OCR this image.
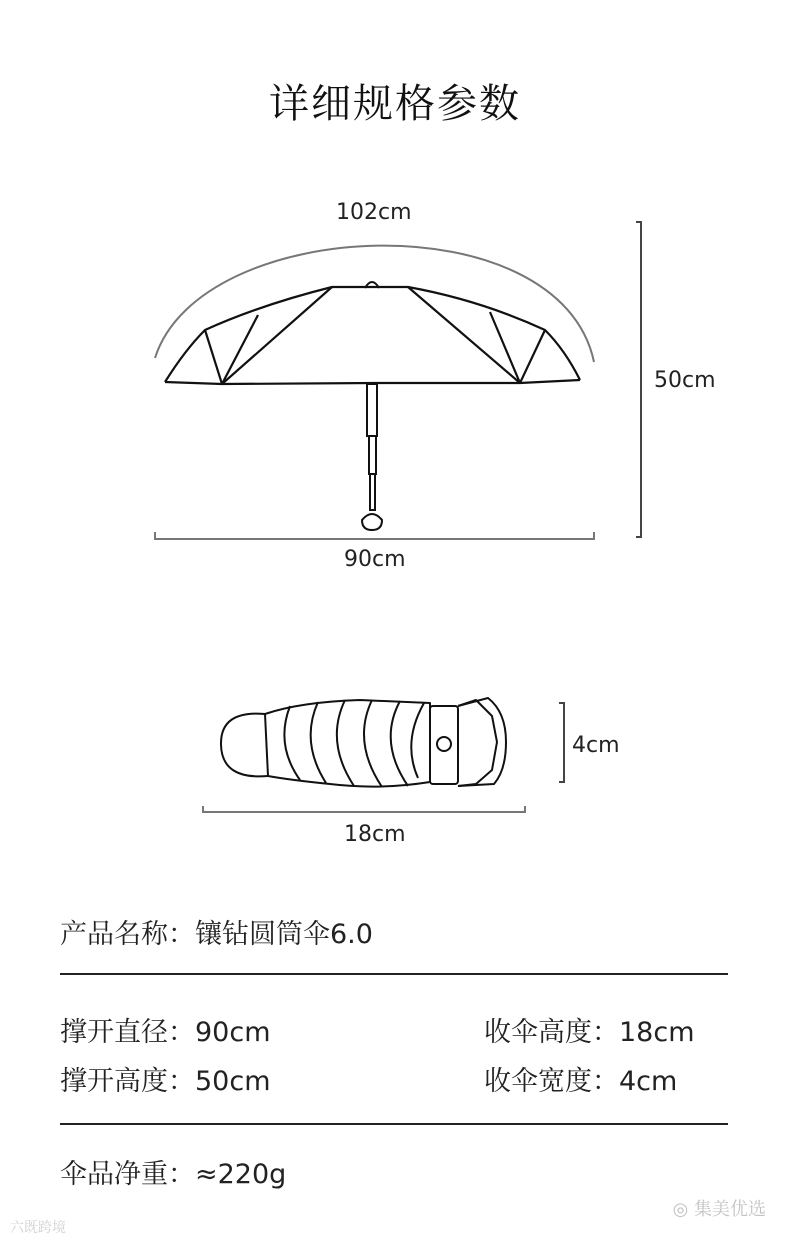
详细规格参数
102cm
50cm
90cm
4cm
18cm
产品名称：镶钻圆筒伞6.0
撑开直径：90cm	收伞高度：18cm
撑开高度：50cm	收伞宽度：4cm
伞品净重：≈220g
◎ 集美优选
六既跨境
